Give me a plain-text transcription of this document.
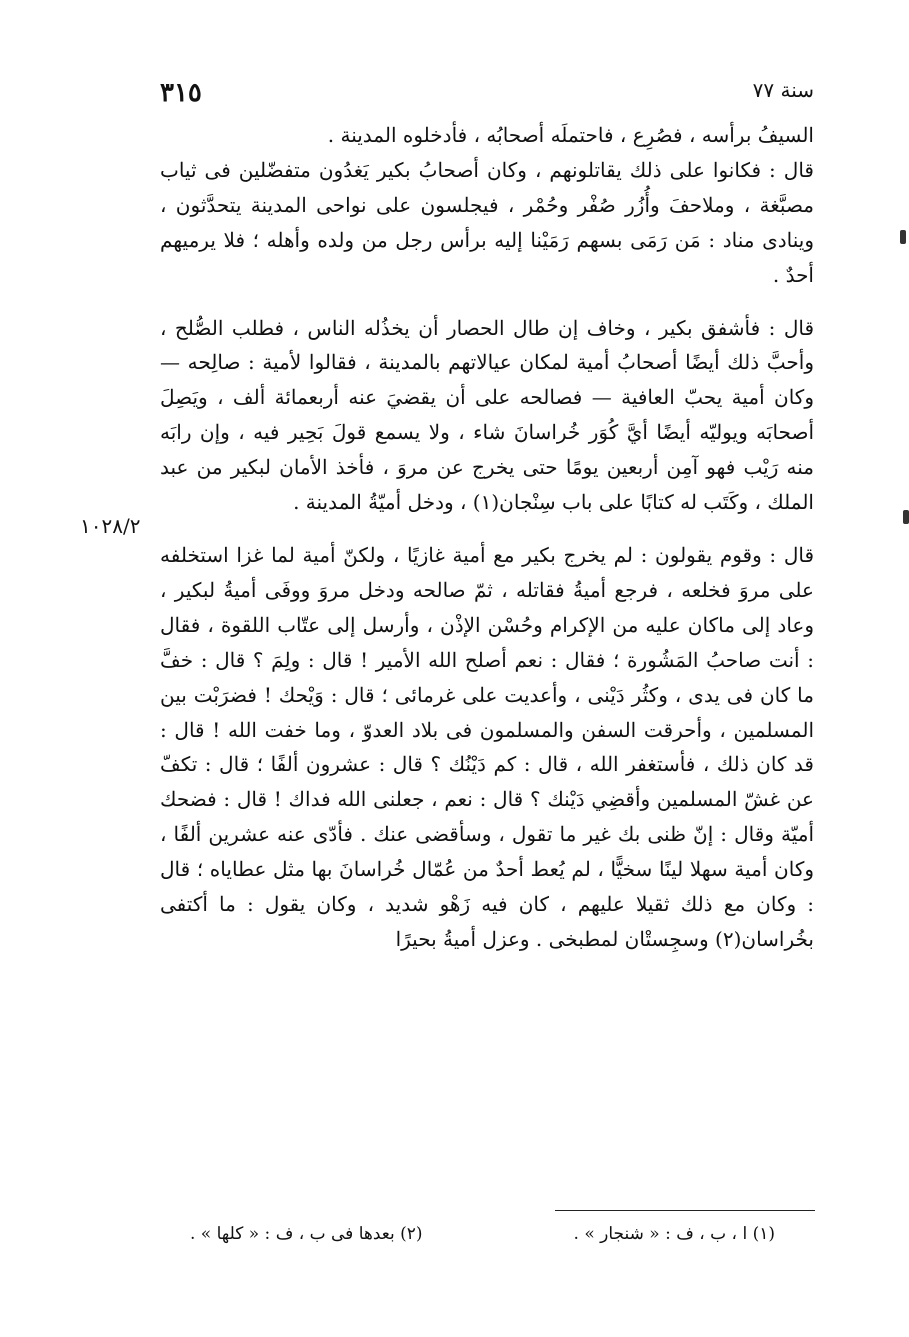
٣١٥	سنة ٧٧
١٠٢٨/٢

السيفُ برأسه ، فصُرِع ، فاحتملَه أصحابُه ، فأدخلوه المدينة .

قال : فكانوا على ذلك يقاتلونهم ، وكان أصحابُ بكير يَغدُون متفضّلين فى ثياب مصبَّغة ، وملاحفَ وأُزُر صُفْر وحُمْر ، فيجلسون على نواحى المدينة يتحدَّثون ، وينادى مناد : مَن رَمَى بسهم رَمَيْنا إليه برأس رجل من ولده وأهله ؛ فلا يرميهم أحدٌ .

قال : فأشفق بكير ، وخاف إن طال الحصار أن يخذُله الناس ، فطلب الصُّلح ، وأحبَّ ذلك أيضًا أصحابُ أمية لمكان عيالاتهم بالمدينة ، فقالوا لأمية : صالِحه — وكان أمية يحبّ العافية — فصالحه على أن يقضيَ عنه أربعمائة ألف ، ويَصِلَ أصحابَه ويوليّه أيضًا أيَّ كُوَر خُراسانَ شاء ، ولا يسمع قولَ بَحِير فيه ، وإن رابَه منه رَيْب فهو آمِن أربعين يومًا حتى يخرج عن مروَ ، فأخذ الأمان لبكير من عبد الملك ، وكَتَب له كتابًا على باب سِنْجان(١) ، ودخل أميّةُ المدينة .

قال : وقوم يقولون : لم يخرج بكير مع أمية غازيًا ، ولكنّ أمية لما غزا استخلفه على مروَ فخلعه ، فرجع أميةُ فقاتله ، ثمّ صالحه ودخل مروَ ووفَى أميةُ لبكير ، وعاد إلى ماكان عليه من الإكرام وحُسْن الإذْن ، وأرسل إلى عتّاب اللقوة ، فقال : أنت صاحبُ المَشُورة ؛ فقال : نعم أصلح الله الأمير ! قال : ولِمَ ؟ قال : خفَّ ما كان فى يدى ، وكثُر دَيْنى ، وأعديت على غرمائى ؛ قال : وَيْحك ! فضرَبْت بين المسلمين ، وأحرقت السفن والمسلمون فى بلاد العدوّ ، وما خفت الله ! قال : قد كان ذلك ، فأستغفر الله ، قال : كم دَيْنُك ؟ قال : عشرون ألفًا ؛ قال : تكفّ عن غشّ المسلمين وأقضِي دَيْنك ؟ قال : نعم ، جعلنى الله فداك ! قال : فضحك أميّة وقال : إنّ ظنى بك غير ما تقول ، وسأقضى عنك . فأدّى عنه عشرين ألفًا ، وكان أمية سهلا لينًا سخيًّا ، لم يُعط أحدٌ من عُمّال خُراسانَ بها مثل عطاياه ؛ قال : وكان مع ذلك ثقيلا عليهم ، كان فيه زَهْو شديد ، وكان يقول : ما أكتفى بخُراسان(٢) وسجِستْان لمطبخى . وعزل أميةُ بحيرًا

(١) ا ، ب ، ف : « شنجار » .
(٢) بعدها فى ب ، ف : « كلها » .
